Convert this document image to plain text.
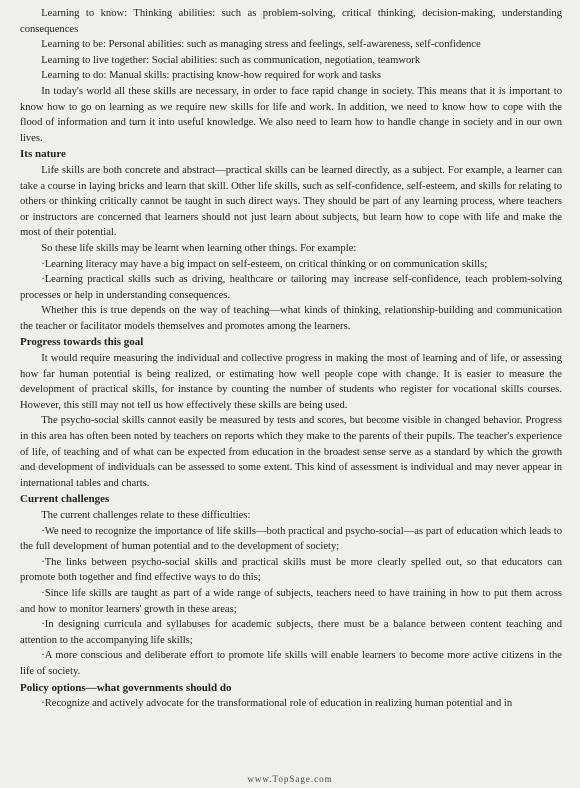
Learning to know: Thinking abilities: such as problem-solving, critical thinking, decision-making, understanding consequences

Learning to be: Personal abilities: such as managing stress and feelings, self-awareness, self-confidence

Learning to live together: Social abilities: such as communication, negotiation, teamwork

Learning to do: Manual skills: practising know-how required for work and tasks

In today's world all these skills are necessary, in order to face rapid change in society. This means that it is important to know how to go on learning as we require new skills for life and work. In addition, we need to know how to cope with the flood of information and turn it into useful knowledge. We also need to learn how to handle change in society and in our own lives.

Its nature

Life skills are both concrete and abstract—practical skills can be learned directly, as a subject. For example, a learner can take a course in laying bricks and learn that skill. Other life skills, such as self-confidence, self-esteem, and skills for relating to others or thinking critically cannot be taught in such direct ways. They should be part of any learning process, where teachers or instructors are concerned that learners should not just learn about subjects, but learn how to cope with life and make the most of their potential.

So these life skills may be learnt when learning other things. For example:

·Learning literacy may have a big impact on self-esteem, on critical thinking or on communication skills;

·Learning practical skills such as driving, healthcare or tailoring may increase self-confidence, teach problem-solving processes or help in understanding consequences.

Whether this is true depends on the way of teaching—what kinds of thinking, relationship-building and communication the teacher or facilitator models themselves and promotes among the learners.

Progress towards this goal

It would require measuring the individual and collective progress in making the most of learning and of life, or assessing how far human potential is being realized, or estimating how well people cope with change. It is easier to measure the development of practical skills, for instance by counting the number of students who register for vocational skills courses. However, this still may not tell us how effectively these skills are being used.

The psycho-social skills cannot easily be measured by tests and scores, but become visible in changed behavior. Progress in this area has often been noted by teachers on reports which they make to the parents of their pupils. The teacher's experience of life, of teaching and of what can be expected from education in the broadest sense serve as a standard by which the growth and development of individuals can be assessed to some extent. This kind of assessment is individual and may never appear in international tables and charts.

Current challenges

The current challenges relate to these difficulties:

·We need to recognize the importance of life skills—both practical and psycho-social—as part of education which leads to the full development of human potential and to the development of society;

·The links between psycho-social skills and practical skills must be more clearly spelled out, so that educators can promote both together and find effective ways to do this;

·Since life skills are taught as part of a wide range of subjects, teachers need to have training in how to put them across and how to monitor learners' growth in these areas;

·In designing curricula and syllabuses for academic subjects, there must be a balance between content teaching and attention to the accompanying life skills;

·A more conscious and deliberate effort to promote life skills will enable learners to become more active citizens in the life of society.

Policy options—what governments should do

·Recognize and actively advocate for the transformational role of education in realizing human potential and in

www.TopSage.com
